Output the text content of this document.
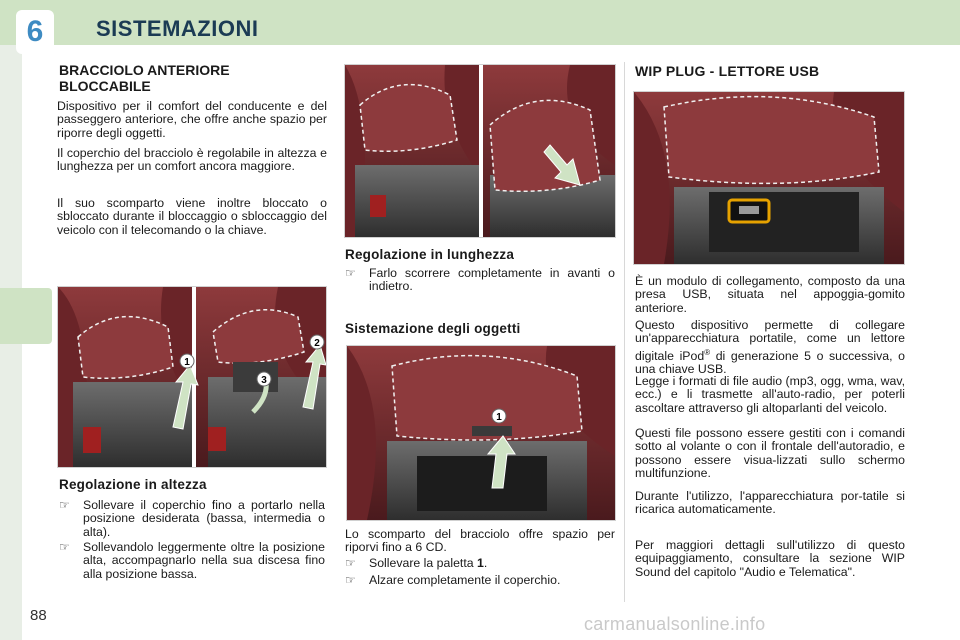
6	SISTEMAZIONI
BRACCIOLO ANTERIORE
BLOCCABILE
Dispositivo per il comfort del conducente e del passeggero anteriore, che offre anche spazio per riporre degli oggetti.
Il coperchio del bracciolo è regolabile in altezza e lunghezza per un comfort ancora maggiore.
Il suo scomparto viene inoltre bloccato o sbloccato durante il bloccaggio o sbloccaggio del veicolo con il telecomando o la chiave.
1
2
3
Regolazione in altezza
☞	Sollevare il coperchio fino a portarlo nella posizione desiderata (bassa, intermedia o alta).
☞	Sollevandolo leggermente oltre la posizione alta, accompagnarlo nella sua discesa fino alla posizione bassa.
Regolazione in lunghezza
☞	Farlo scorrere completamente in avanti o indietro.
Sistemazione degli oggetti
1
Lo scomparto del bracciolo offre spazio per riporvi fino a 6 CD.
☞	Sollevare la paletta 1.
☞	Alzare completamente il coperchio.
WIP PLUG - LETTORE USB
È un modulo di collegamento, composto da una presa USB, situata nel appoggia-gomito anteriore.
Questo dispositivo permette di collegare un'apparecchiatura portatile, come un lettore digitale iPod® di generazione 5 o successiva, o una chiave USB.
Legge i formati di file audio (mp3, ogg, wma, wav, ecc.) e li trasmette all'auto-radio, per poterli ascoltare attraverso gli altoparlanti del veicolo.
Questi file possono essere gestiti con i comandi sotto al volante o con il frontale dell'autoradio, e possono essere visua-lizzati sullo schermo multifunzione.
Durante l'utilizzo, l'apparecchiatura por-tatile si ricarica automaticamente.
Per maggiori dettagli sull'utilizzo di questo equipaggiamento, consultare la sezione WIP Sound del capitolo "Audio e Telematica".
88	carmanualsonline.info
